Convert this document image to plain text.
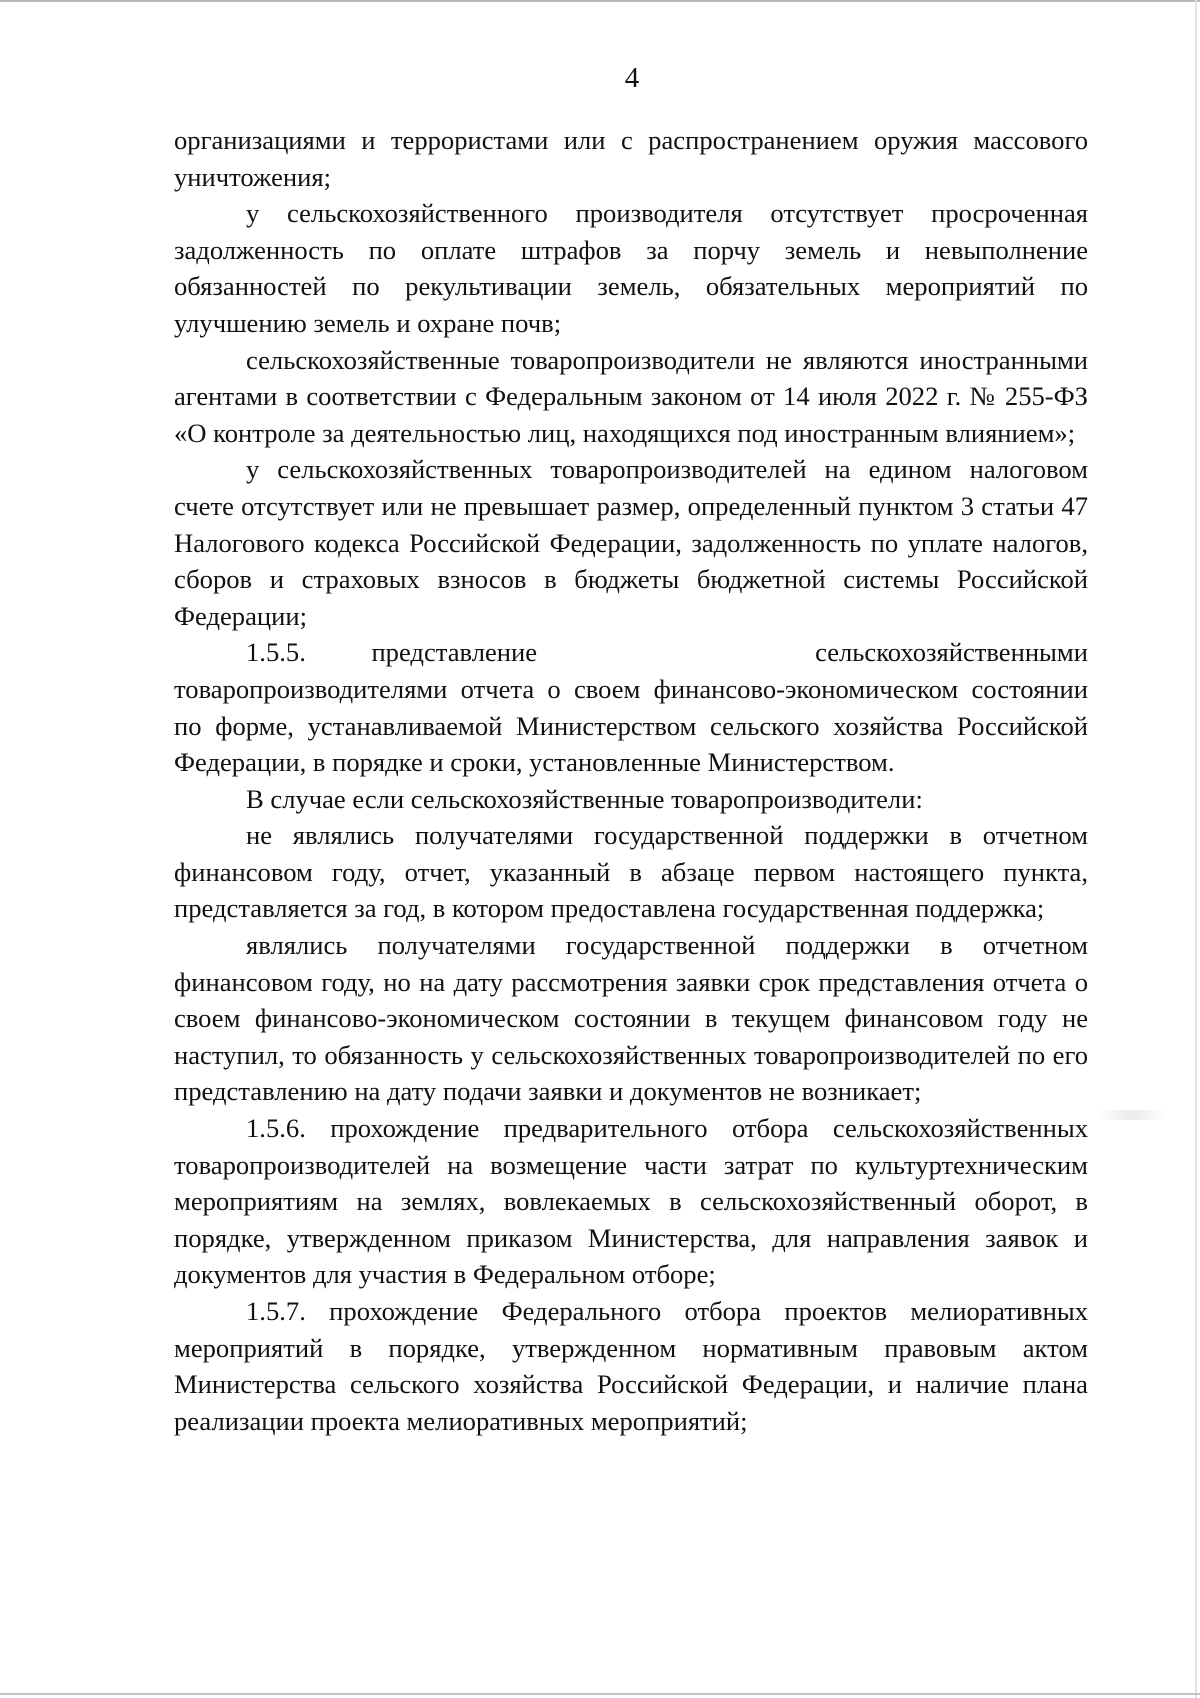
4

организациями и террористами или с распространением оружия массового уничтожения;

у сельскохозяйственного производителя отсутствует просроченная задолженность по оплате штрафов за порчу земель и невыполнение обязанностей по рекультивации земель, обязательных мероприятий по улучшению земель и охране почв;

сельскохозяйственные товаропроизводители не являются иностранными агентами в соответствии с Федеральным законом от 14 июля 2022 г. № 255-ФЗ «О контроле за деятельностью лиц, находящихся под иностранным влиянием»;

у сельскохозяйственных товаропроизводителей на едином налоговом счете отсутствует или не превышает размер, определенный пунктом 3 статьи 47 Налогового кодекса Российской Федерации, задолженность по уплате налогов, сборов и страховых взносов в бюджеты бюджетной системы Российской Федерации;

1.5.5. представление	сельскохозяйственными товаропроизводителями отчета о своем финансово-экономическом состоянии по форме, устанавливаемой Министерством сельского хозяйства Российской Федерации, в порядке и сроки, установленные Министерством.

В случае если сельскохозяйственные товаропроизводители:

не являлись получателями государственной поддержки в отчетном финансовом году, отчет, указанный в абзаце первом настоящего пункта, представляется за год, в котором предоставлена государственная поддержка;

являлись получателями государственной поддержки в отчетном финансовом году, но на дату рассмотрения заявки срок представления отчета о своем финансово-экономическом состоянии в текущем финансовом году не наступил, то обязанность у сельскохозяйственных товаропроизводителей по его представлению на дату подачи заявки и документов не возникает;

1.5.6. прохождение предварительного отбора сельскохозяйственных товаропроизводителей на возмещение части затрат по культуртехническим мероприятиям на землях, вовлекаемых в сельскохозяйственный оборот, в порядке, утвержденном приказом Министерства, для направления заявок и документов для участия в Федеральном отборе;

1.5.7. прохождение Федерального отбора проектов мелиоративных мероприятий в порядке, утвержденном нормативным правовым актом Министерства сельского хозяйства Российской Федерации, и наличие плана реализации проекта мелиоративных мероприятий;
